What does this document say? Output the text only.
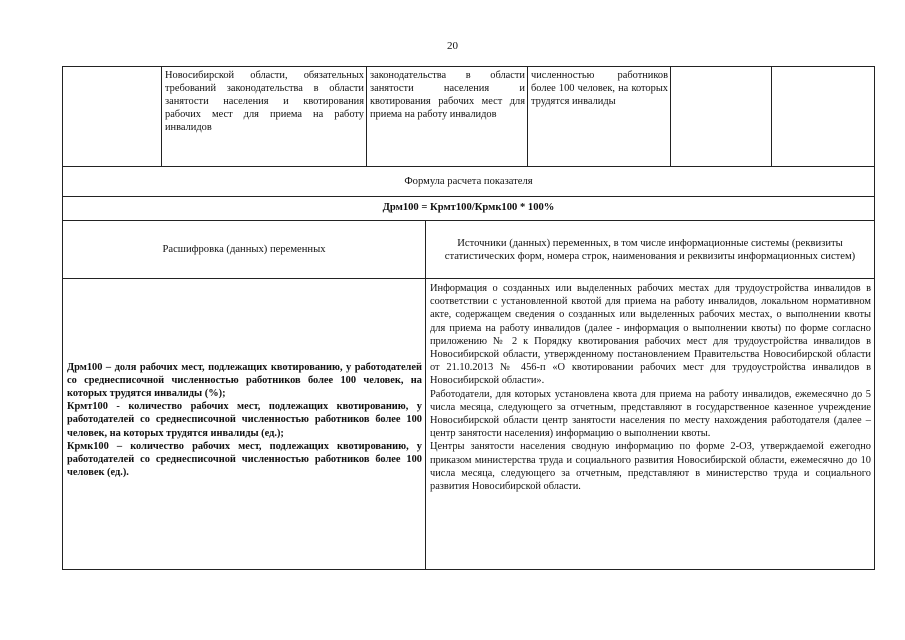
20
Новосибирской области, обязательных требований законодательства в области занятости населения и квотирования рабочих мест для приема на работу инвалидов
законодательства в области занятости населения и квотирования рабочих мест для приема на работу инвалидов
численностью работников более 100 человек, на которых трудятся инвалиды
Формула расчета показателя
Дрм100 = Крмт100/Крмк100 * 100%
Расшифровка (данных) переменных
Источники (данных) переменных, в том числе информационные системы (реквизиты статистических форм, номера строк, наименования и реквизиты информационных систем)

Дрм100 – доля рабочих мест, подлежащих квотированию, у работодателей со среднесписочной численностью работников более 100 человек, на которых трудятся инвалиды (%);

Крмт100 - количество рабочих мест, подлежащих квотированию, у работодателей со среднесписочной численностью работников более 100 человек, на которых трудятся инвалиды (ед.);

Крмк100 – количество рабочих мест, подлежащих квотированию, у работодателей со среднесписочной численностью работников более 100 человек (ед.).

Информация о созданных или выделенных рабочих местах для трудоустройства инвалидов в соответствии с установленной квотой для приема на работу инвалидов, локальном нормативном акте, содержащем сведения о созданных или выделенных рабочих местах, о выполнении квоты для приема на работу инвалидов (далее - информация о выполнении квоты) по форме согласно приложению № 2 к Порядку квотирования рабочих мест для трудоустройства инвалидов в Новосибирской области, утвержденному постановлением Правительства Новосибирской области от 21.10.2013 № 456-п «О квотировании рабочих мест для трудоустройства инвалидов в Новосибирской области».

Работодатели, для которых установлена квота для приема на работу инвалидов, ежемесячно до 5 числа месяца, следующего за отчетным, представляют в государственное казенное учреждение Новосибирской области центр занятости населения по месту нахождения работодателя (далее – центр занятости населения) информацию о выполнении квоты.

Центры занятости населения сводную информацию по форме 2-ОЗ, утверждаемой ежегодно приказом министерства труда и социального развития Новосибирской области, ежемесячно до 10 числа месяца, следующего за отчетным, представляют в министерство труда и социального развития Новосибирской области.
